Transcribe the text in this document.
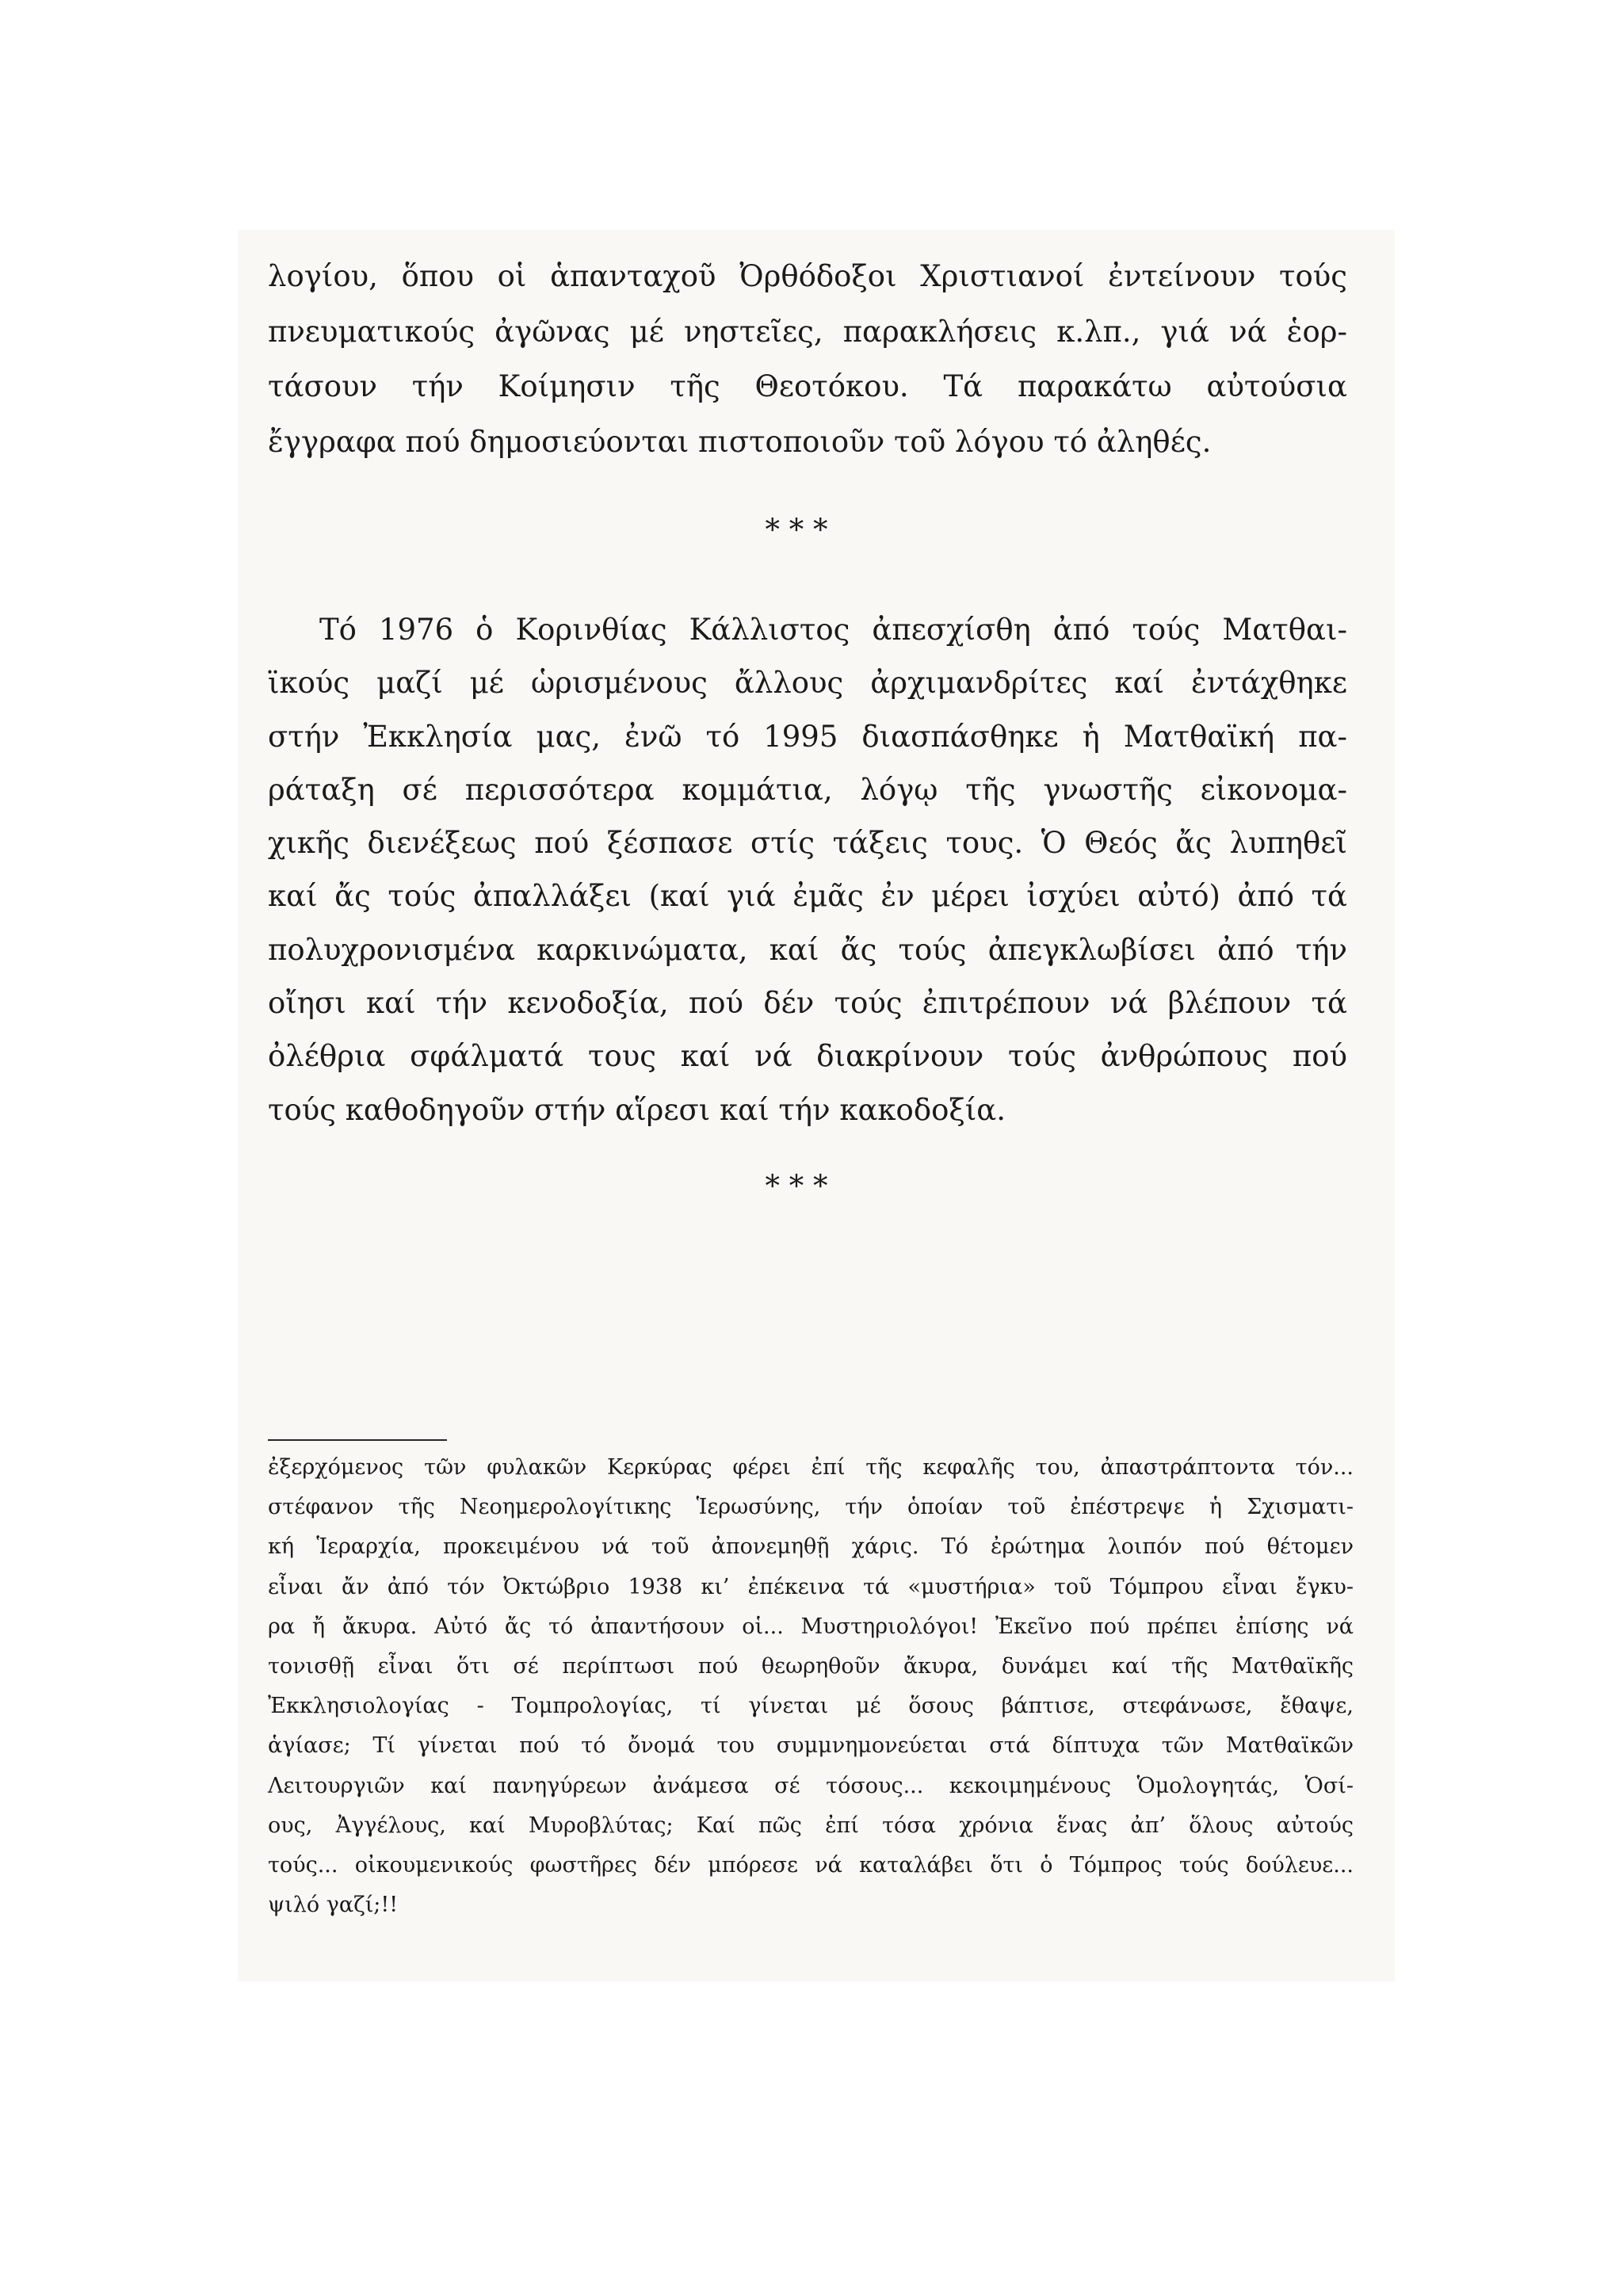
λογίου, ὅπου οἱ ἁπανταχοῦ Ὀρθόδοξοι Χριστιανοί ἐντείνουν τούς
πνευματικούς ἀγῶνας μέ νηστεῖες, παρακλήσεις κ.λπ., γιά νά ἑορ-
τάσουν τήν Κοίμησιν τῆς Θεοτόκου. Τά παρακάτω αὐτούσια
ἔγγραφα πού δημοσιεύονται πιστοποιοῦν τοῦ λόγου τό ἀληθές.
* * *
Τό 1976 ὁ Κορινθίας Κάλλιστος ἀπεσχίσθη ἀπό τούς Ματθαι-
ϊκούς μαζί μέ ὡρισμένους ἄλλους ἀρχιμανδρίτες καί ἐντάχθηκε
στήν Ἐκκλησία μας, ἐνῶ τό 1995 διασπάσθηκε ἡ Ματθαϊκή πα-
ράταξη σέ περισσότερα κομμάτια, λόγῳ τῆς γνωστῆς εἰκονομα-
χικῆς διενέξεως πού ξέσπασε στίς τάξεις τους. Ὁ Θεός ἄς λυπηθεῖ
καί ἄς τούς ἀπαλλάξει (καί γιά ἐμᾶς ἐν μέρει ἰσχύει αὐτό) ἀπό τά
πολυχρονισμένα καρκινώματα, καί ἄς τούς ἀπεγκλωβίσει ἀπό τήν
οἴησι καί τήν κενοδοξία, πού δέν τούς ἐπιτρέπουν νά βλέπουν τά
ὀλέθρια σφάλματά τους καί νά διακρίνουν τούς ἀνθρώπους πού
τούς καθοδηγοῦν στήν αἵρεσι καί τήν κακοδοξία.
* * *
ἐξερχόμενος τῶν φυλακῶν Κερκύρας φέρει ἐπί τῆς κεφαλῆς του, ἀπαστράπτοντα τόν...
στέφανον τῆς Νεοημερολογίτικης Ἱερωσύνης, τήν ὁποίαν τοῦ ἐπέστρεψε ἡ Σχισματι-
κή Ἱεραρχία, προκειμένου νά τοῦ ἀπονεμηθῇ χάρις. Τό ἐρώτημα λοιπόν πού θέτομεν
εἶναι ἄν ἀπό τόν Ὀκτώβριο 1938 κι’ ἐπέκεινα τά «μυστήρια» τοῦ Τόμπρου εἶναι ἔγκυ-
ρα ἤ ἄκυρα. Αὐτό ἄς τό ἀπαντήσουν οἱ... Μυστηριολόγοι! Ἐκεῖνο πού πρέπει ἐπίσης νά
τονισθῇ εἶναι ὅτι σέ περίπτωσι πού θεωρηθοῦν ἄκυρα, δυνάμει καί τῆς Ματθαϊκῆς
Ἐκκλησιολογίας - Τομπρολογίας, τί γίνεται μέ ὅσους βάπτισε, στεφάνωσε, ἔθαψε,
ἁγίασε; Τί γίνεται πού τό ὄνομά του συμμνημονεύεται στά δίπτυχα τῶν Ματθαϊκῶν
Λειτουργιῶν καί πανηγύρεων ἀνάμεσα σέ τόσους... κεκοιμημένους Ὁμολογητάς, Ὁσί-
ους, Ἀγγέλους, καί Μυροβλύτας; Καί πῶς ἐπί τόσα χρόνια ἕνας ἀπ’ ὅλους αὐτούς
τούς... οἰκουμενικούς φωστῆρες δέν μπόρεσε νά καταλάβει ὅτι ὁ Τόμπρος τούς δούλευε...
ψιλό γαζί;!!
